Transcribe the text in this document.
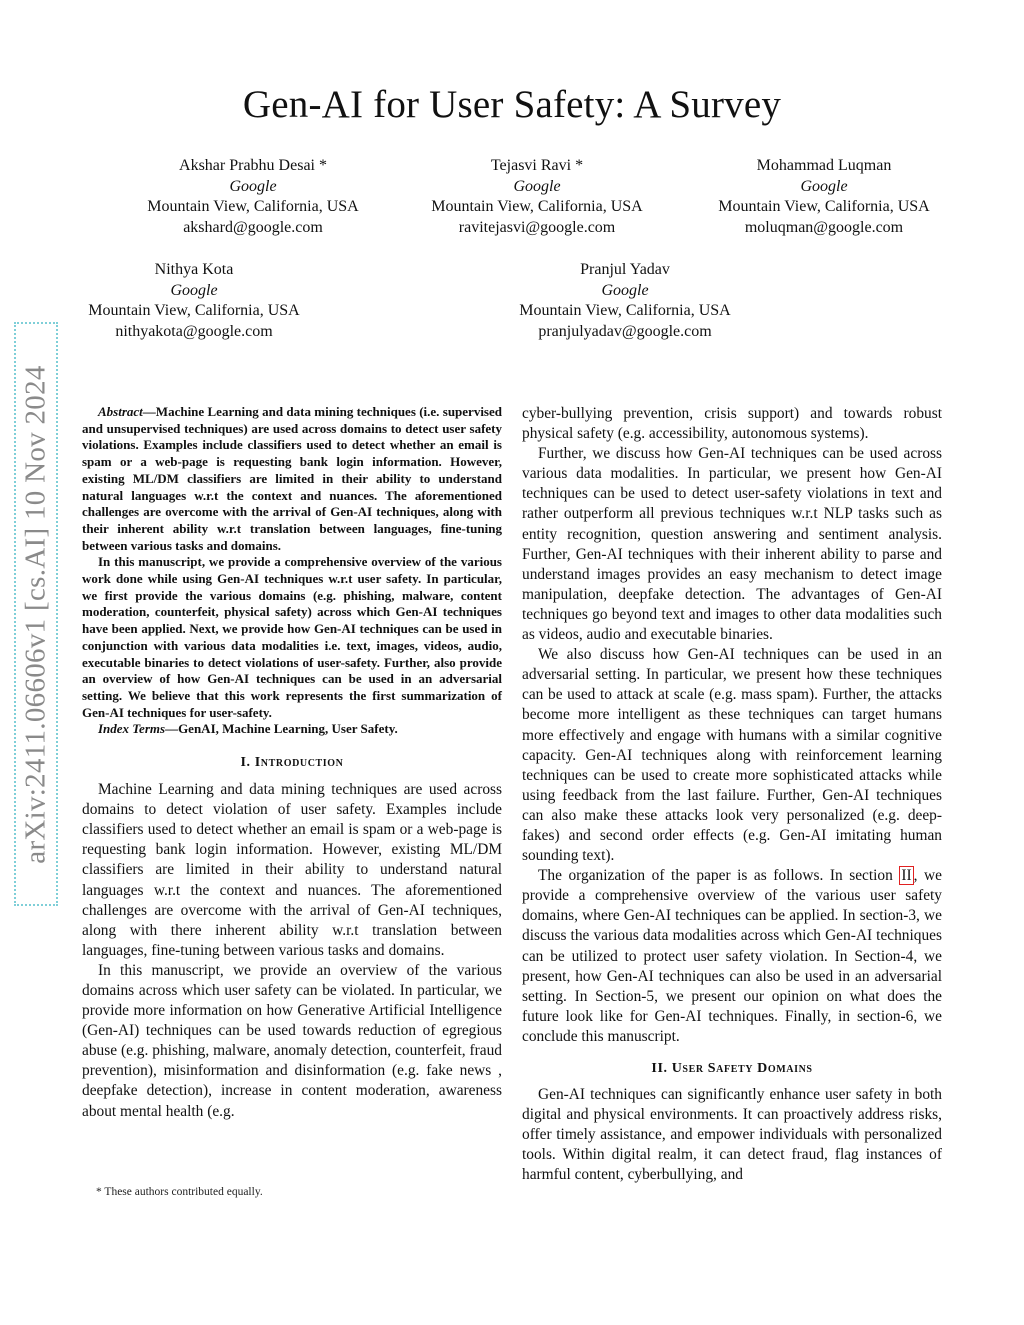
arXiv:2411.06606v1 [cs.AI] 10 Nov 2024
Gen-AI for User Safety: A Survey
Akshar Prabhu Desai *
Google
Mountain View, California, USA
akshard@google.com
Tejasvi Ravi *
Google
Mountain View, California, USA
ravitejasvi@google.com
Mohammad Luqman
Google
Mountain View, California, USA
moluqman@google.com
Nithya Kota
Google
Mountain View, California, USA
nithyakota@google.com
Pranjul Yadav
Google
Mountain View, California, USA
pranjulyadav@google.com

Abstract—Machine Learning and data mining techniques (i.e. supervised and unsupervised techniques) are used across domains to detect user safety violations. Examples include classifiers used to detect whether an email is spam or a web-page is requesting bank login information. However, existing ML/DM classifiers are limited in their ability to understand natural languages w.r.t the context and nuances. The aforementioned challenges are overcome with the arrival of Gen-AI techniques, along with their inherent ability w.r.t translation between languages, fine-tuning between various tasks and domains.

In this manuscript, we provide a comprehensive overview of the various work done while using Gen-AI techniques w.r.t user safety. In particular, we first provide the various domains (e.g. phishing, malware, content moderation, counterfeit, physical safety) across which Gen-AI techniques have been applied. Next, we provide how Gen-AI techniques can be used in conjunction with various data modalities i.e. text, images, videos, audio, executable binaries to detect violations of user-safety. Further, also provide an overview of how Gen-AI techniques can be used in an adversarial setting. We believe that this work represents the first summarization of Gen-AI techniques for user-safety.

Index Terms—GenAI, Machine Learning, User Safety.

I. Introduction

Machine Learning and data mining techniques are used across domains to detect violation of user safety. Examples include classifiers used to detect whether an email is spam or a web-page is requesting bank login information. However, existing ML/DM classifiers are limited in their ability to understand natural languages w.r.t the context and nuances. The aforementioned challenges are overcome with the arrival of Gen-AI techniques, along with there inherent ability w.r.t translation between languages, fine-tuning between various tasks and domains.

In this manuscript, we provide an overview of the various domains across which user safety can be violated. In particular, we provide more information on how Generative Artificial Intelligence (Gen-AI) techniques can be used towards reduction of egregious abuse (e.g. phishing, malware, anomaly detection, counterfeit, fraud prevention), misinformation and disinformation (e.g. fake news , deepfake detection), increase in content moderation, awareness about mental health (e.g.

cyber-bullying prevention, crisis support) and towards robust physical safety (e.g. accessibility, autonomous systems).

Further, we discuss how Gen-AI techniques can be used across various data modalities. In particular, we present how Gen-AI techniques can be used to detect user-safety violations in text and rather outperform all previous techniques w.r.t NLP tasks such as entity recognition, question answering and sentiment analysis. Further, Gen-AI techniques with their inherent ability to parse and understand images provides an easy mechanism to detect image manipulation, deepfake detection. The advantages of Gen-AI techniques go beyond text and images to other data modalities such as videos, audio and executable binaries.

We also discuss how Gen-AI techniques can be used in an adversarial setting. In particular, we present how these techniques can be used to attack at scale (e.g. mass spam). Further, the attacks become more intelligent as these techniques can target humans more effectively and engage with humans with a similar cognitive capacity. Gen-AI techniques along with reinforcement learning techniques can be used to create more sophisticated attacks while using feedback from the last failure. Further, Gen-AI techniques can also make these attacks look very personalized (e.g. deep-fakes) and second order effects (e.g. Gen-AI imitating human sounding text).

The organization of the paper is as follows. In section II , we provide a comprehensive overview of the various user safety domains, where Gen-AI techniques can be applied. In section-3, we discuss the various data modalities across which Gen-AI techniques can be utilized to protect user safety violation. In Section-4, we present, how Gen-AI techniques can also be used in an adversarial setting. In Section-5, we present our opinion on what does the future look like for Gen-AI techniques. Finally, in section-6, we conclude this manuscript.

II. User Safety Domains

Gen-AI techniques can significantly enhance user safety in both digital and physical environments. It can proactively address risks, offer timely assistance, and empower individuals with personalized tools. Within digital realm, it can detect fraud, flag instances of harmful content, cyberbullying, and

* These authors contributed equally.
